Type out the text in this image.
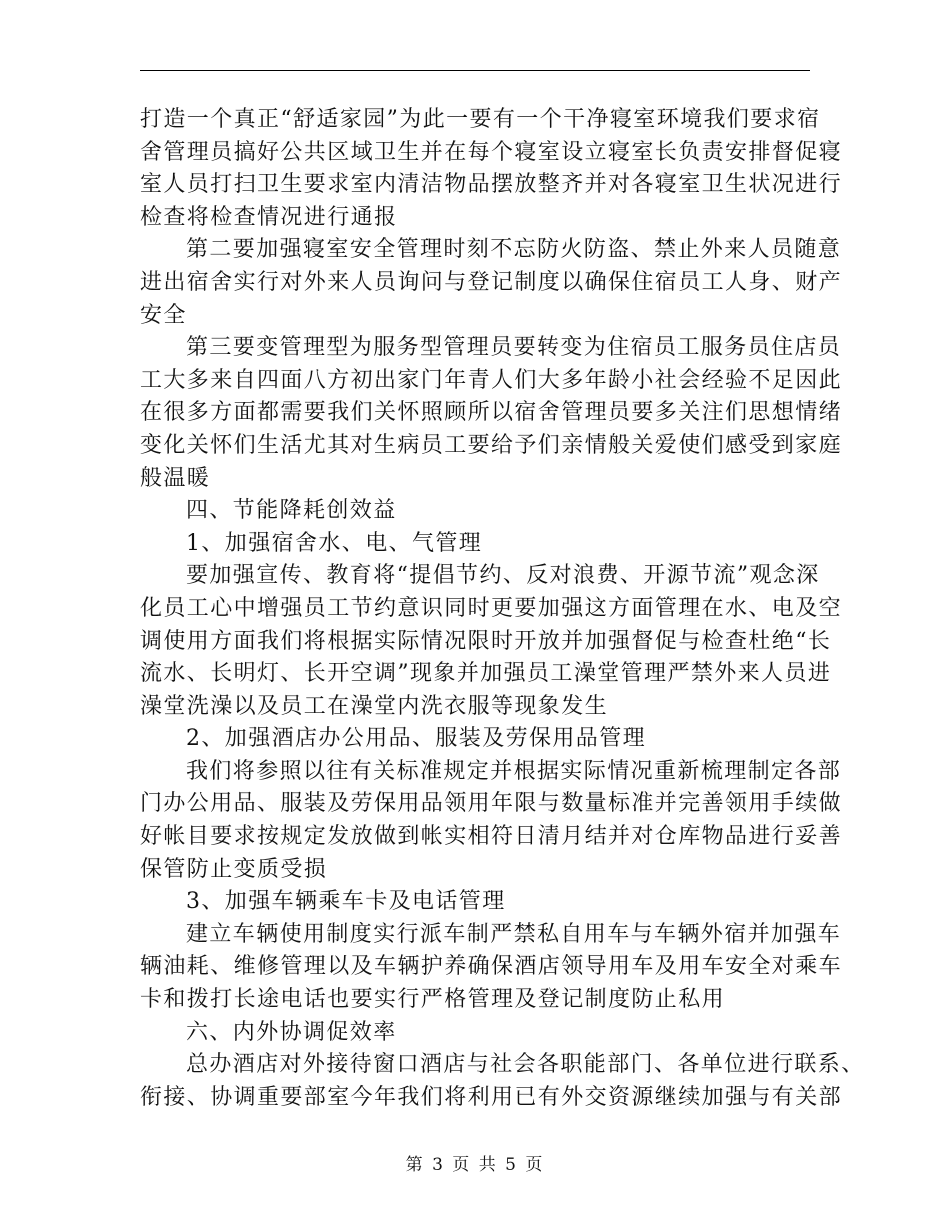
打造一个真正“舒适家园”为此一要有一个干净寝室环境我们要求宿
舍管理员搞好公共区域卫生并在每个寝室设立寝室长负责安排督促寝
室人员打扫卫生要求室内清洁物品摆放整齐并对各寝室卫生状况进行
检查将检查情况进行通报
第二要加强寝室安全管理时刻不忘防火防盗、禁止外来人员随意
进出宿舍实行对外来人员询问与登记制度以确保住宿员工人身、财产
安全
第三要变管理型为服务型管理员要转变为住宿员工服务员住店员
工大多来自四面八方初出家门年青人们大多年龄小社会经验不足因此
在很多方面都需要我们关怀照顾所以宿舍管理员要多关注们思想情绪
变化关怀们生活尤其对生病员工要给予们亲情般关爱使们感受到家庭
般温暖
四、节能降耗创效益
1、加强宿舍水、电、气管理
要加强宣传、教育将“提倡节约、反对浪费、开源节流”观念深
化员工心中增强员工节约意识同时更要加强这方面管理在水、电及空
调使用方面我们将根据实际情况限时开放并加强督促与检查杜绝“长
流水、长明灯、长开空调”现象并加强员工澡堂管理严禁外来人员进
澡堂洗澡以及员工在澡堂内洗衣服等现象发生
2、加强酒店办公用品、服装及劳保用品管理
我们将参照以往有关标准规定并根据实际情况重新梳理制定各部
门办公用品、服装及劳保用品领用年限与数量标准并完善领用手续做
好帐目要求按规定发放做到帐实相符日清月结并对仓库物品进行妥善
保管防止变质受损
3、加强车辆乘车卡及电话管理
建立车辆使用制度实行派车制严禁私自用车与车辆外宿并加强车
辆油耗、维修管理以及车辆护养确保酒店领导用车及用车安全对乘车
卡和拨打长途电话也要实行严格管理及登记制度防止私用
六、内外协调促效率
总办酒店对外接待窗口酒店与社会各职能部门、各单位进行联系、
衔接、协调重要部室今年我们将利用已有外交资源继续加强与有关部
第 3 页 共 5 页
